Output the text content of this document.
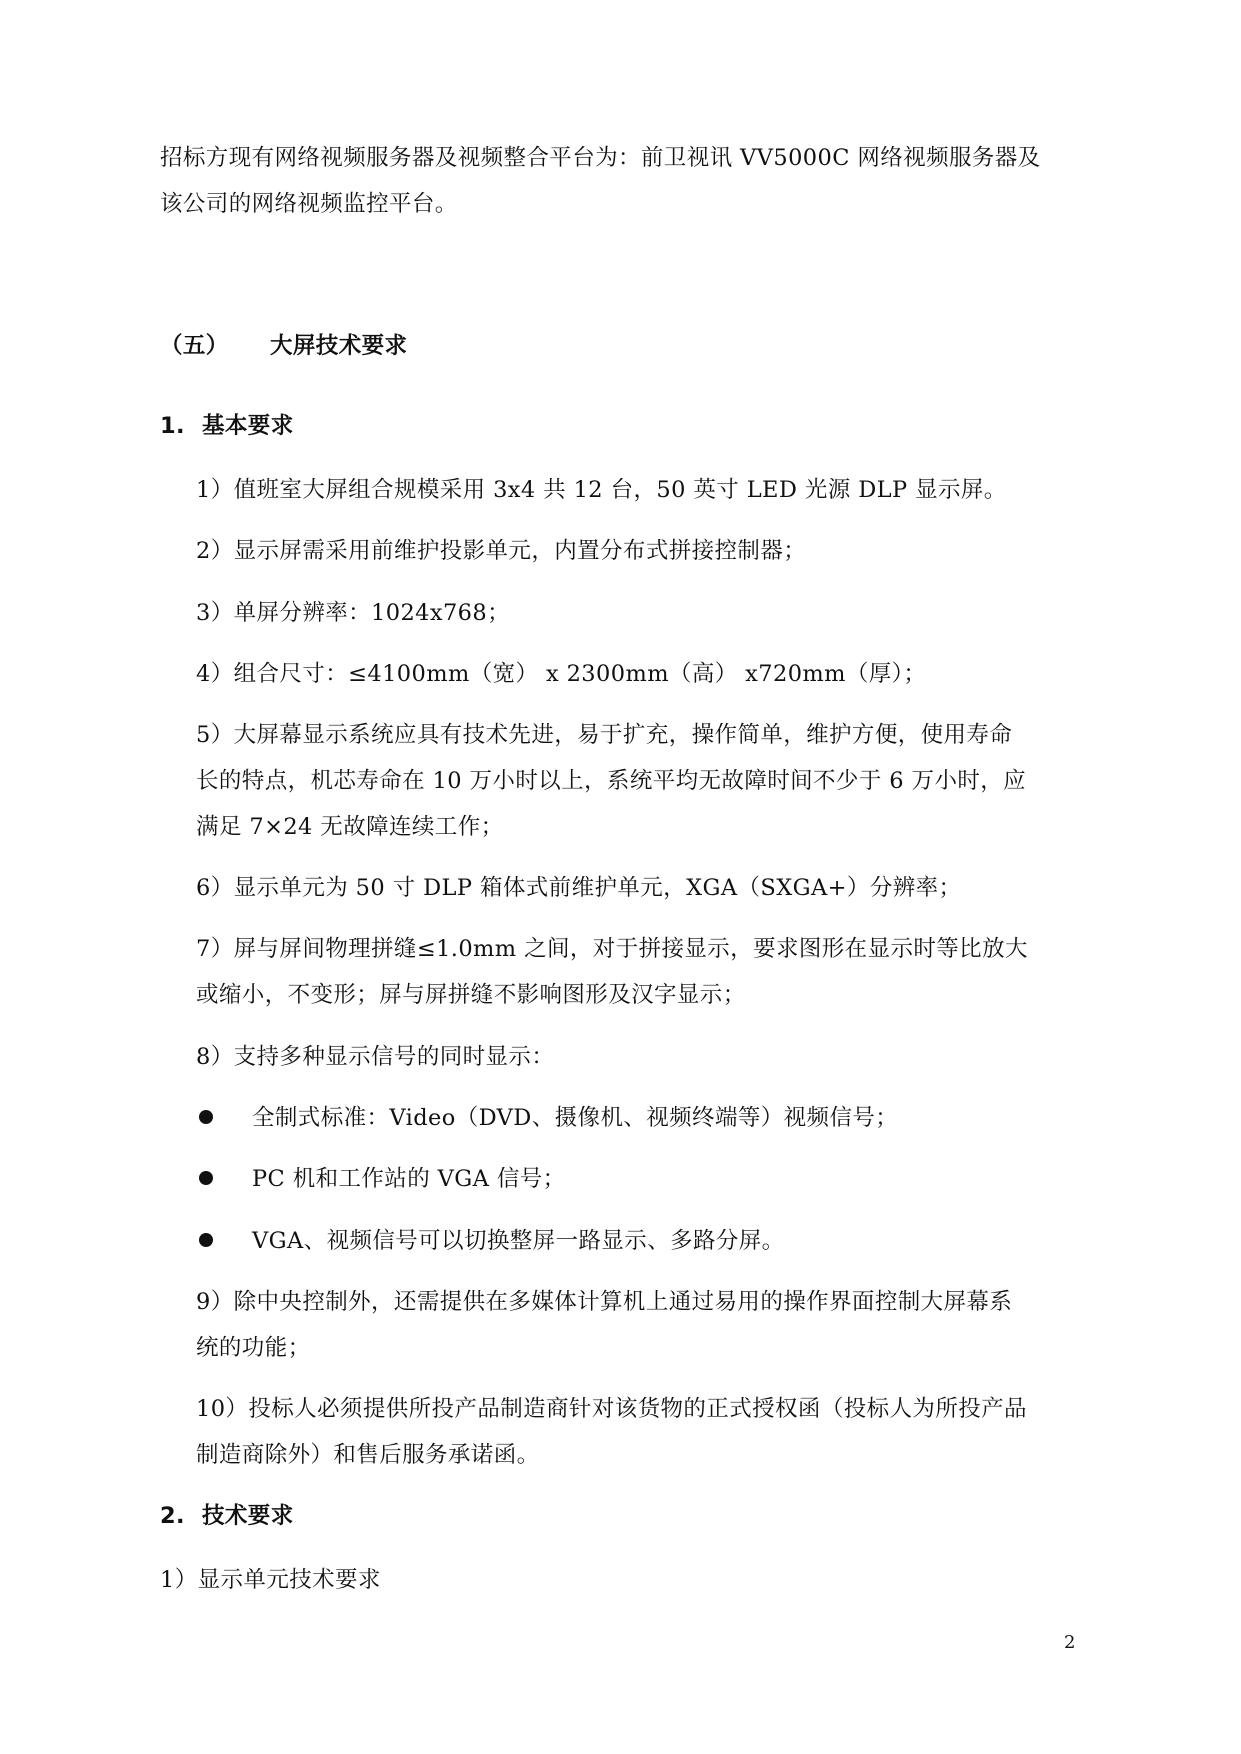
招标方现有网络视频服务器及视频整合平台为：前卫视讯 VV5000C 网络视频服务器及
该公司的网络视频监控平台。
（五） 大屏技术要求
1. 基本要求
1）值班室大屏组合规模采用 3x4 共 12 台，50 英寸 LED 光源 DLP 显示屏。
2）显示屏需采用前维护投影单元，内置分布式拼接控制器；
3）单屏分辨率：1024x768；
4）组合尺寸：≤4100mm（宽） x 2300mm（高） x720mm（厚）；
5）大屏幕显示系统应具有技术先进，易于扩充，操作简单，维护方便，使用寿命
长的特点，机芯寿命在 10 万小时以上，系统平均无故障时间不少于 6 万小时，应
满足 7×24 无故障连续工作；
6）显示单元为 50 寸 DLP 箱体式前维护单元，XGA（SXGA+）分辨率；
7）屏与屏间物理拼缝≤1.0mm 之间，对于拼接显示，要求图形在显示时等比放大
或缩小，不变形；屏与屏拼缝不影响图形及汉字显示；
8）支持多种显示信号的同时显示：
全制式标准：Video（DVD、摄像机、视频终端等）视频信号；
PC 机和工作站的 VGA 信号；
VGA、视频信号可以切换整屏一路显示、多路分屏。
9）除中央控制外，还需提供在多媒体计算机上通过易用的操作界面控制大屏幕系
统的功能；
10）投标人必须提供所投产品制造商针对该货物的正式授权函（投标人为所投产品
制造商除外）和售后服务承诺函。
2. 技术要求
1）显示单元技术要求
2
